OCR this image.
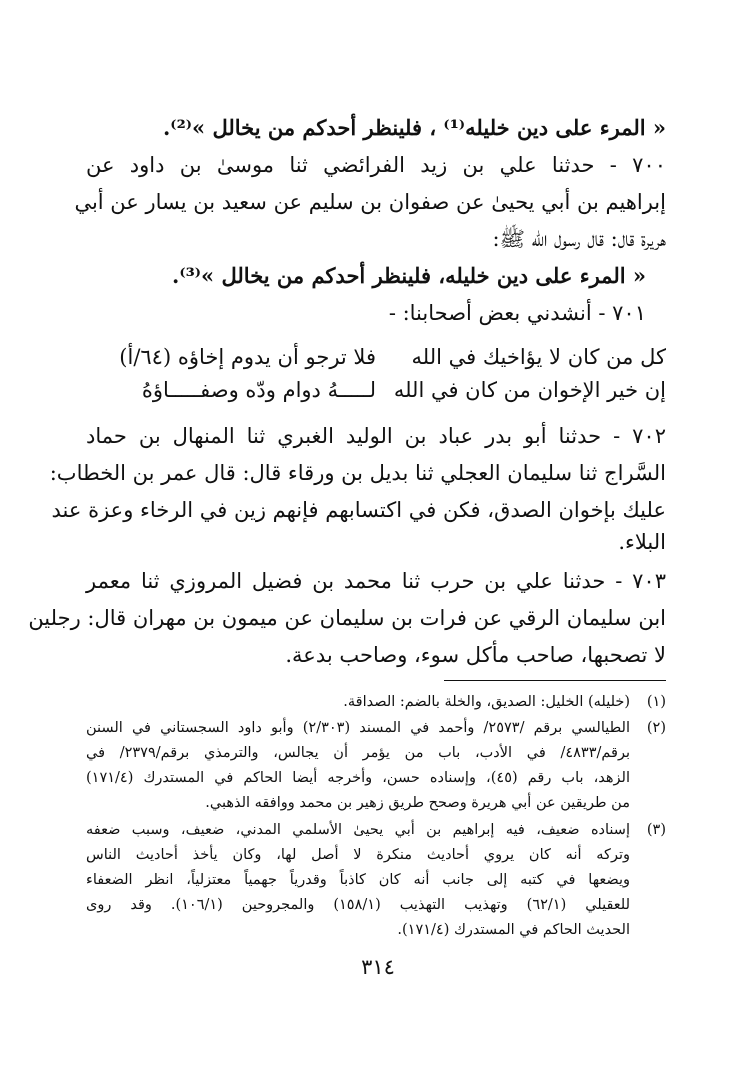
« المرء على دين خليله⁽¹⁾ ، فلينظر أحدكم من يخالل »⁽²⁾.
٧٠٠ - حدثنا علي بن زيد الفرائضي ثنا موسىٰ بن داود عن
إبراهيم بن أبي يحيىٰ عن صفوان بن سليم عن سعيد بن يسار عن أبي
هريرة قال: قال رسول الله ﷺ:
« المرء على دين خليله، فلينظر أحدكم من يخالل »⁽³⁾.
٧٠١ - أنشدني بعض أصحابنا: -
كل من كان لا يؤاخيك في الله
فلا ترجو أن يدوم إخاؤه (٦٤/أ)
إن خير الإخوان من كان في الله
لـــــهُ دوام ودّه وصفـــــاؤهُ
٧٠٢ - حدثنا أبو بدر عباد بن الوليد الغبري ثنا المنهال بن حماد
السَّراج ثنا سليمان العجلي ثنا بديل بن ورقاء قال: قال عمر بن الخطاب:
عليك بإخوان الصدق، فكن في اكتسابهم فإنهم زين في الرخاء وعزة عند
البلاء.
٧٠٣ - حدثنا علي بن حرب ثنا محمد بن فضيل المروزي ثنا معمر
ابن سليمان الرقي عن فرات بن سليمان عن ميمون بن مهران قال: رجلين
لا تصحبها، صاحب مأكل سوء، وصاحب بدعة.
(١)
(خليله) الخليل: الصديق، والخلة بالضم: الصداقة.
(٢)
الطيالسي برقم /٢٥٧٣/ وأحمد في المسند (٢/٣٠٣) وأبو داود السجستاني في السنن
برقم/٤٨٣٣/ في الأدب، باب من يؤمر أن يجالس، والترمذي برقم/٢٣٧٩/ في
الزهد، باب رقم (٤٥)، وإسناده حسن، وأخرجه أيضا الحاكم في المستدرك (١٧١/٤)
من طريقين عن أبي هريرة وصحح طريق زهير بن محمد ووافقه الذهبي.
(٣)
إسناده ضعيف، فيه إبراهيم بن أبي يحيىٰ الأسلمي المدني، ضعيف، وسبب ضعفه
وتركه أنه كان يروي أحاديث منكرة لا أصل لها، وكان يأخذ أحاديث الناس
ويضعها في كتبه إلى جانب أنه كان كاذباً وقدرياً جهمياً معتزلياً، انظر الضعفاء
للعقيلي (٦٢/١) وتهذيب التهذيب (١٥٨/١) والمجروحين (١٠٦/١). وقد روى
الحديث الحاكم في المستدرك (١٧١/٤).
٣١٤
